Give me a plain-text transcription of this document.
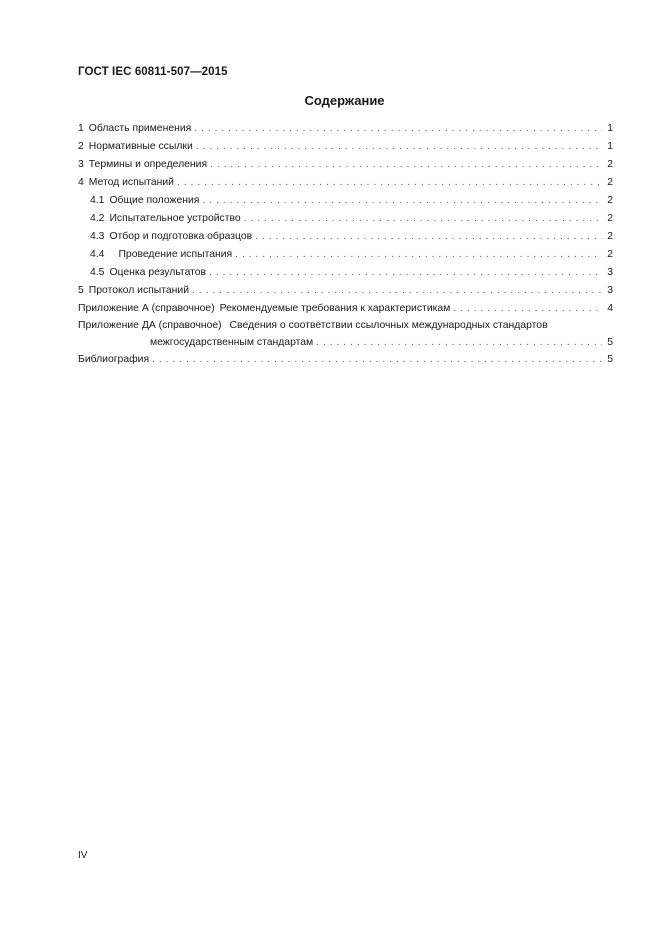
ГОСТ IEC 60811-507—2015
Содержание
1 Область применения . . .	1
2 Нормативные ссылки . . .	1
3 Термины и определения . . .	2
4 Метод испытаний . . .	2
4.1 Общие положения . . .	2
4.2 Испытательное устройство . . .	2
4.3 Отбор и подготовка образцов . . .	2
4.4 Проведение испытания . . .	2
4.5 Оценка результатов . . .	3
5 Протокол испытаний . . .	3
Приложение А (справочное) Рекомендуемые требования к характеристикам . . .	4
Приложение ДА (справочное) Сведения о соответствии ссылочных международных стандартов
межгосударственным стандартам . . .	5
Библиография . . .	5
IV
